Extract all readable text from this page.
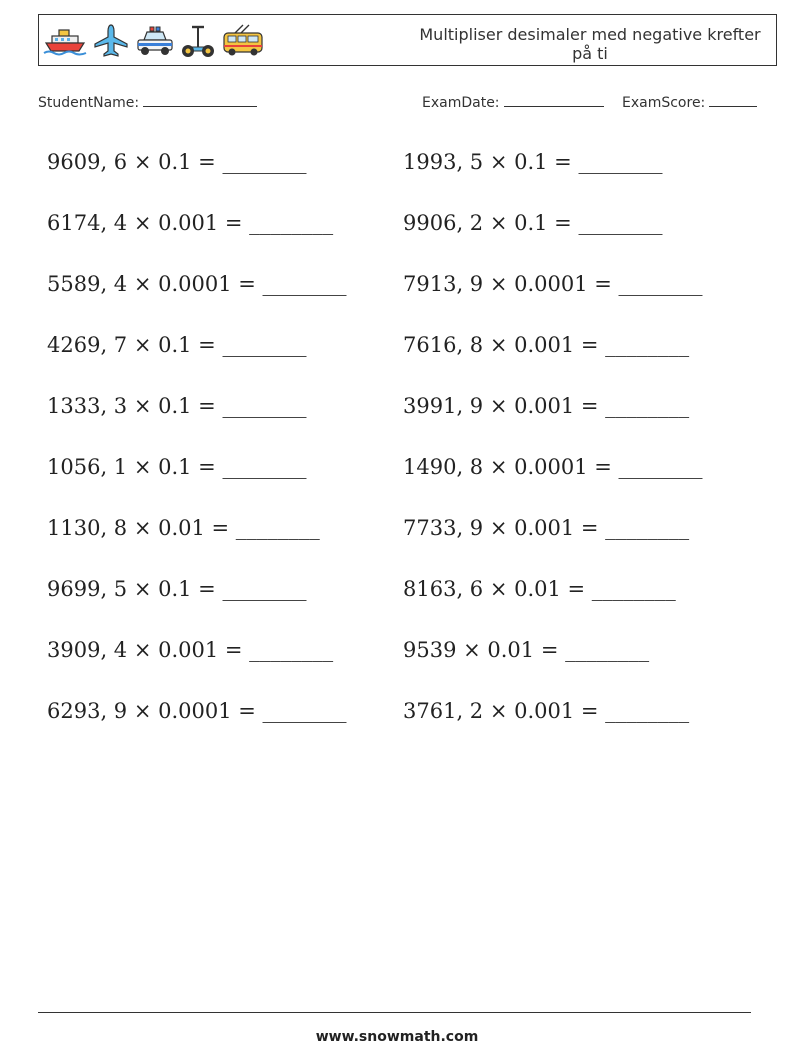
Multipliser desimaler med negative krefter på ti
StudentName:	ExamDate:	ExamScore:
9609, 6 × 0.1 = ________
6174, 4 × 0.001 = ________
5589, 4 × 0.0001 = ________
4269, 7 × 0.1 = ________
1333, 3 × 0.1 = ________
1056, 1 × 0.1 = ________
1130, 8 × 0.01 = ________
9699, 5 × 0.1 = ________
3909, 4 × 0.001 = ________
6293, 9 × 0.0001 = ________
1993, 5 × 0.1 = ________
9906, 2 × 0.1 = ________
7913, 9 × 0.0001 = ________
7616, 8 × 0.001 = ________
3991, 9 × 0.001 = ________
1490, 8 × 0.0001 = ________
7733, 9 × 0.001 = ________
8163, 6 × 0.01 = ________
9539 × 0.01 = ________
3761, 2 × 0.001 = ________
www.snowmath.com
